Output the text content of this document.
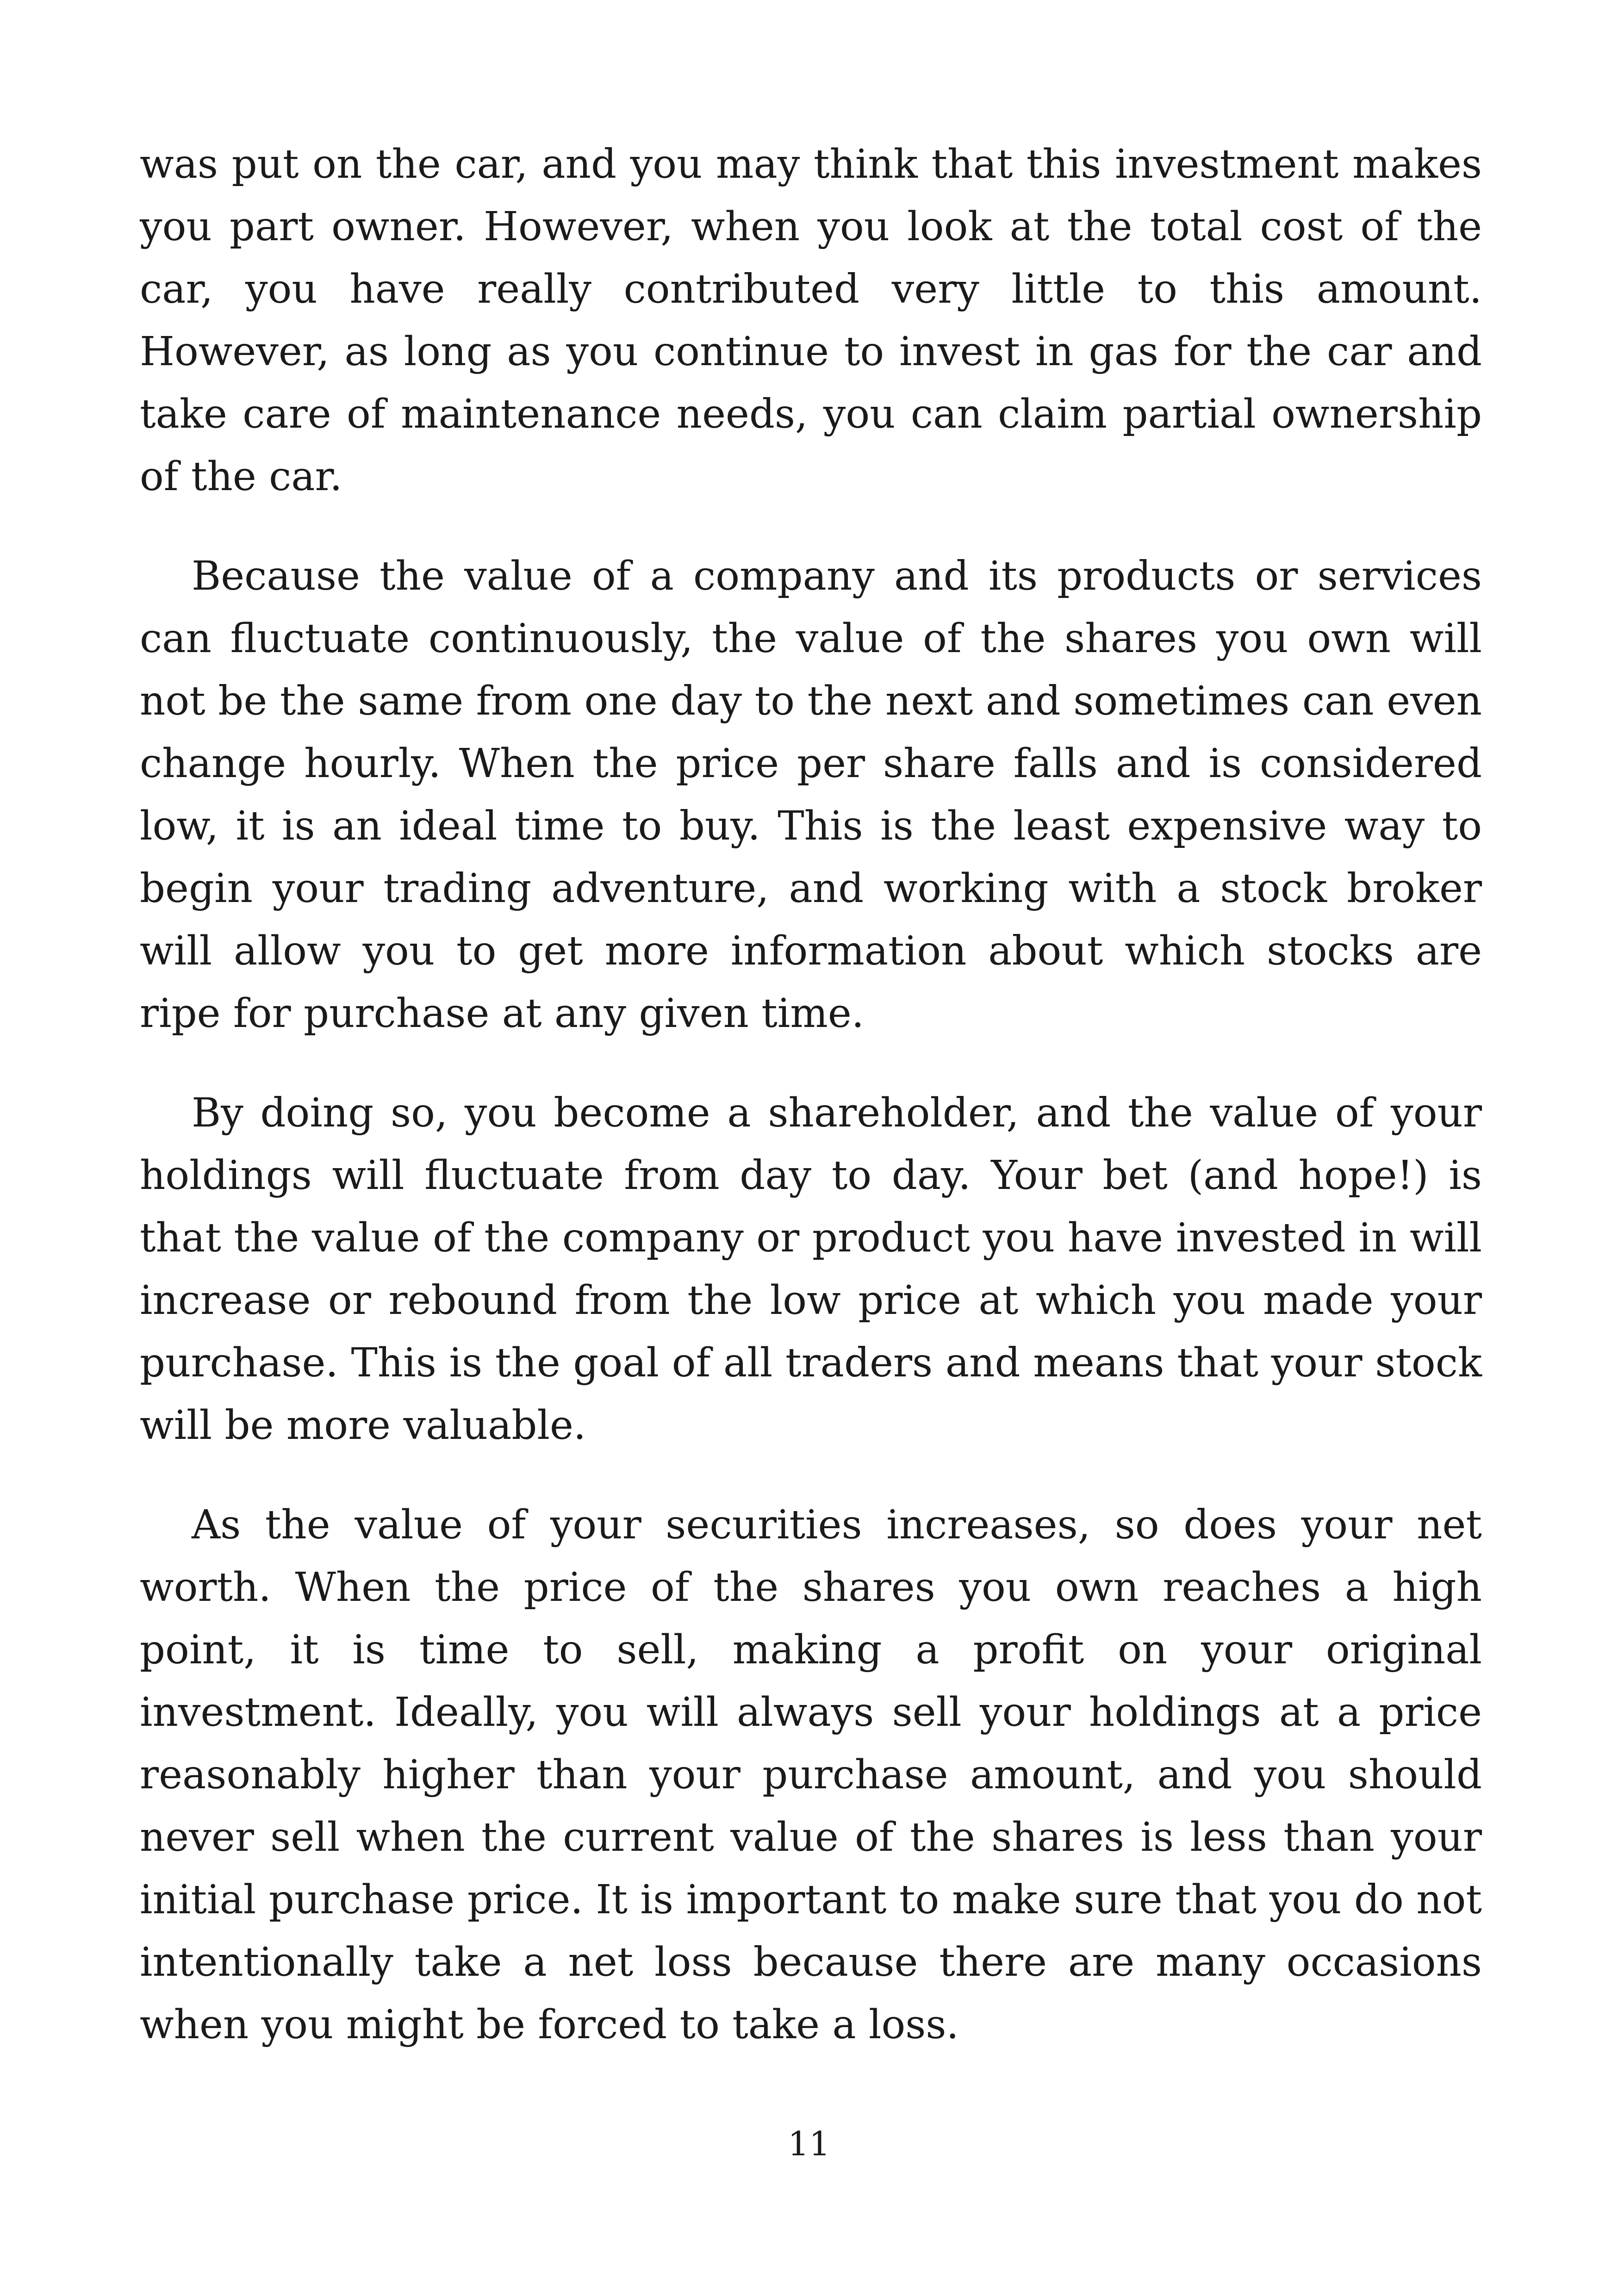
was put on the car, and you may think that this investment makes you part owner. However, when you look at the total cost of the car, you have really contributed very little to this amount. However, as long as you continue to invest in gas for the car and take care of maintenance needs, you can claim partial ownership of the car.

Because the value of a company and its products or services can fluctuate continuously, the value of the shares you own will not be the same from one day to the next and sometimes can even change hourly. When the price per share falls and is considered low, it is an ideal time to buy. This is the least expensive way to begin your trading adventure, and working with a stock broker will allow you to get more information about which stocks are ripe for purchase at any given time.

By doing so, you become a shareholder, and the value of your holdings will fluctuate from day to day. Your bet (and hope!) is that the value of the company or product you have invested in will increase or rebound from the low price at which you made your purchase. This is the goal of all traders and means that your stock will be more valuable.

As the value of your securities increases, so does your net worth. When the price of the shares you own reaches a high point, it is time to sell, making a profit on your original investment. Ideally, you will always sell your holdings at a price reasonably higher than your purchase amount, and you should never sell when the current value of the shares is less than your initial purchase price. It is important to make sure that you do not intentionally take a net loss because there are many occasions when you might be forced to take a loss.

11
